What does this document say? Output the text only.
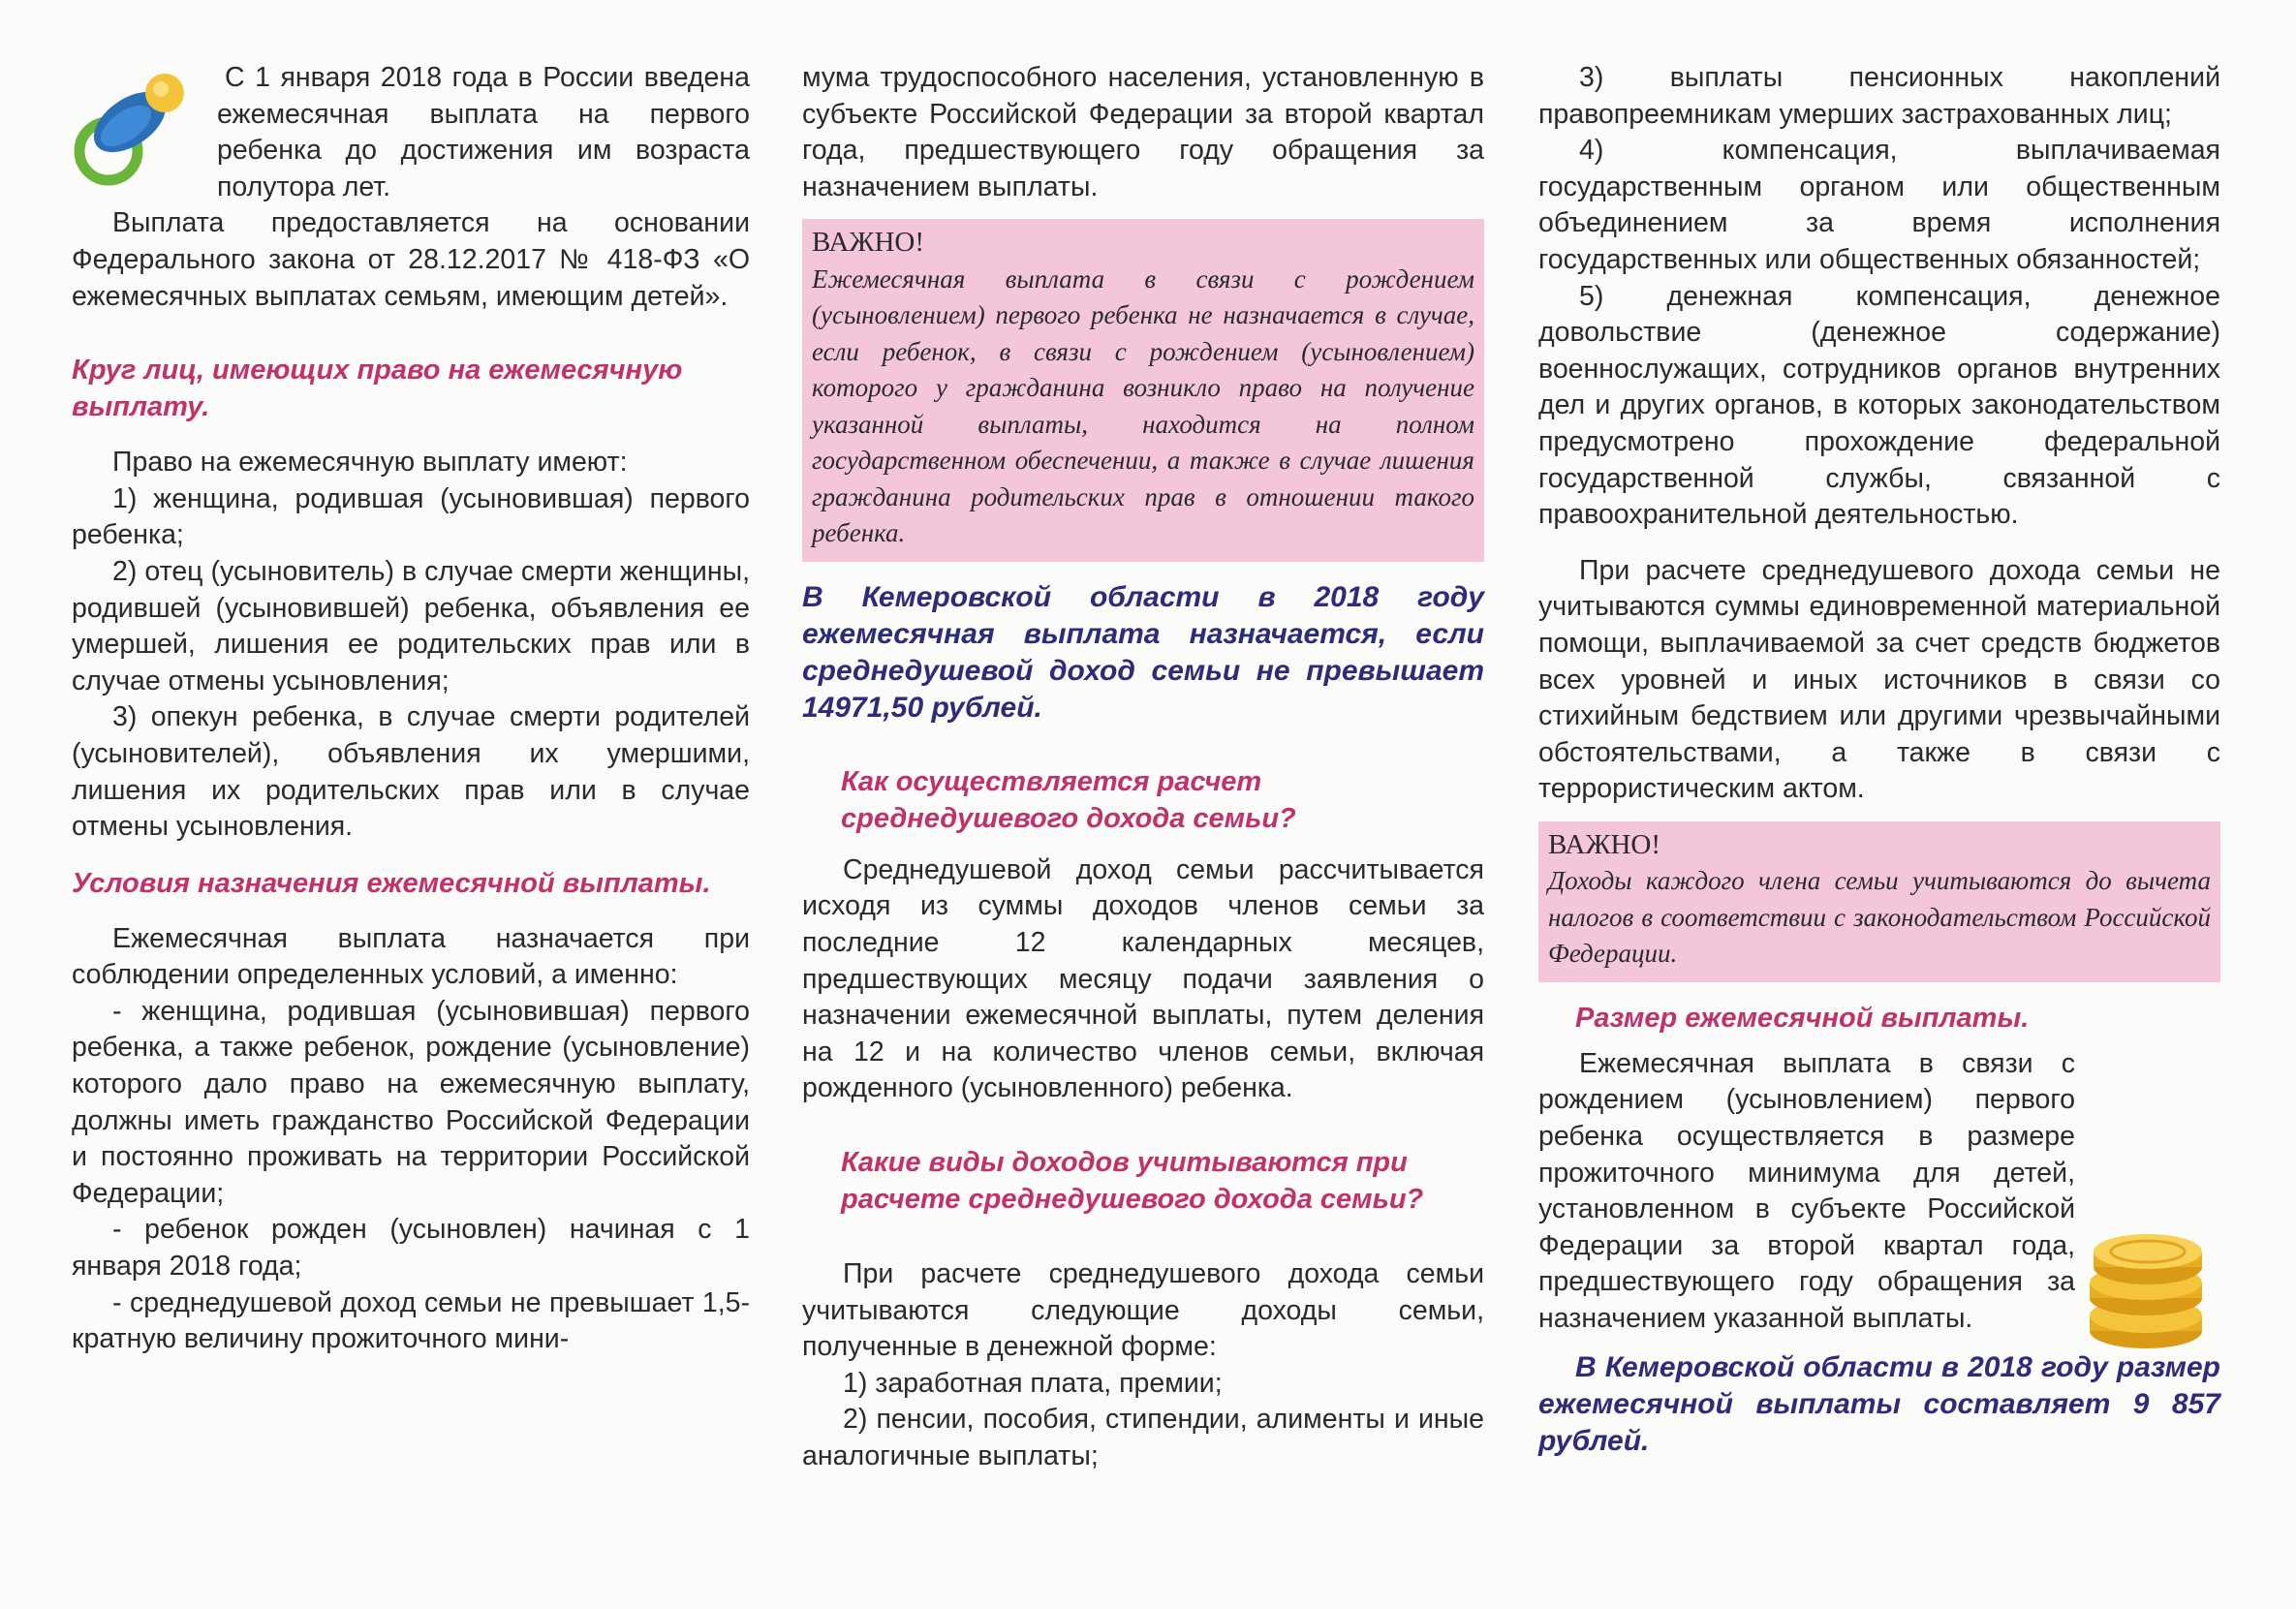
С 1 января 2018 года в России введена ежемесячная выплата на первого ребенка до достижения им возраста полутора лет.

Выплата предоставляется на основании Федерального закона от 28.12.2017 № 418-ФЗ «О ежемесячных выплатах семьям, имеющим детей».

Круг лиц, имеющих право на ежемесячную выплату.

Право на ежемесячную выплату имеют:

1) женщина, родившая (усыновившая) первого ребенка;

2) отец (усыновитель) в случае смерти женщины, родившей (усыновившей) ребенка, объявления ее умершей, лишения ее родительских прав или в случае отмены усыновления;

3) опекун ребенка, в случае смерти родителей (усыновителей), объявления их умершими, лишения их родительских прав или в случае отмены усыновления.

Условия назначения ежемесячной выплаты.

Ежемесячная выплата назначается при соблюдении определенных условий, а именно:

- женщина, родившая (усыновившая) первого ребенка, а также ребенок, рождение (усыновление) которого дало право на ежемесячную выплату, должны иметь гражданство Российской Федерации и постоянно проживать на территории Российской Федерации;

- ребенок рожден (усыновлен) начиная с 1 января 2018 года;

- среднедушевой доход семьи не превышает 1,5-кратную величину прожиточного мини-

мума трудоспособного населения, установленную в субъекте Российской Федерации за второй квартал года, предшествующего году обращения за назначением выплаты.

ВАЖНО!

Ежемесячная выплата в связи с рождением (усыновлением) первого ребенка не назначается в случае, если ребенок, в связи с рождением (усыновлением) которого у гражданина возникло право на получение указанной выплаты, находится на полном государственном обеспечении, а также в случае лишения гражданина родительских прав в отношении такого ребенка.

В Кемеровской области в 2018 году ежемесячная выплата назначается, если среднедушевой доход семьи не превышает 14971,50 рублей.

Как осуществляется расчет среднедушевого дохода семьи?

Среднедушевой доход семьи рассчитывается исходя из суммы доходов членов семьи за последние 12 календарных месяцев, предшествующих месяцу подачи заявления о назначении ежемесячной выплаты, путем деления на 12 и на количество членов семьи, включая рожденного (усыновленного) ребенка.

Какие виды доходов учитываются при расчете среднедушевого дохода семьи?

При расчете среднедушевого дохода семьи учитываются следующие доходы семьи, полученные в денежной форме:

1) заработная плата, премии;

2) пенсии, пособия, стипендии, алименты и иные аналогичные выплаты;

3) выплаты пенсионных накоплений правопреемникам умерших застрахованных лиц;

4) компенсация, выплачиваемая государственным органом или общественным объединением за время исполнения государственных или общественных обязанностей;

5) денежная компенсация, денежное довольствие (денежное содержание) военнослужащих, сотрудников органов внутренних дел и других органов, в которых законодательством предусмотрено прохождение федеральной государственной службы, связанной с правоохранительной деятельностью.

При расчете среднедушевого дохода семьи не учитываются суммы единовременной материальной помощи, выплачиваемой за счет средств бюджетов всех уровней и иных источников в связи со стихийным бедствием или другими чрезвычайными обстоятельствами, а также в связи с террористическим актом.

ВАЖНО!

Доходы каждого члена семьи учитываются до вычета налогов в соответствии с законодательством Российской Федерации.

Размер ежемесячной выплаты.

Ежемесячная выплата в связи с рождением (усыновлением) первого ребенка осуществляется в размере прожиточного минимума для детей, установленном в субъекте Российской Федерации за второй квартал года, предшествующего году обращения за назначением указанной выплаты.

В Кемеровской области в 2018 году размер ежемесячной выплаты составляет 9 857 рублей.
